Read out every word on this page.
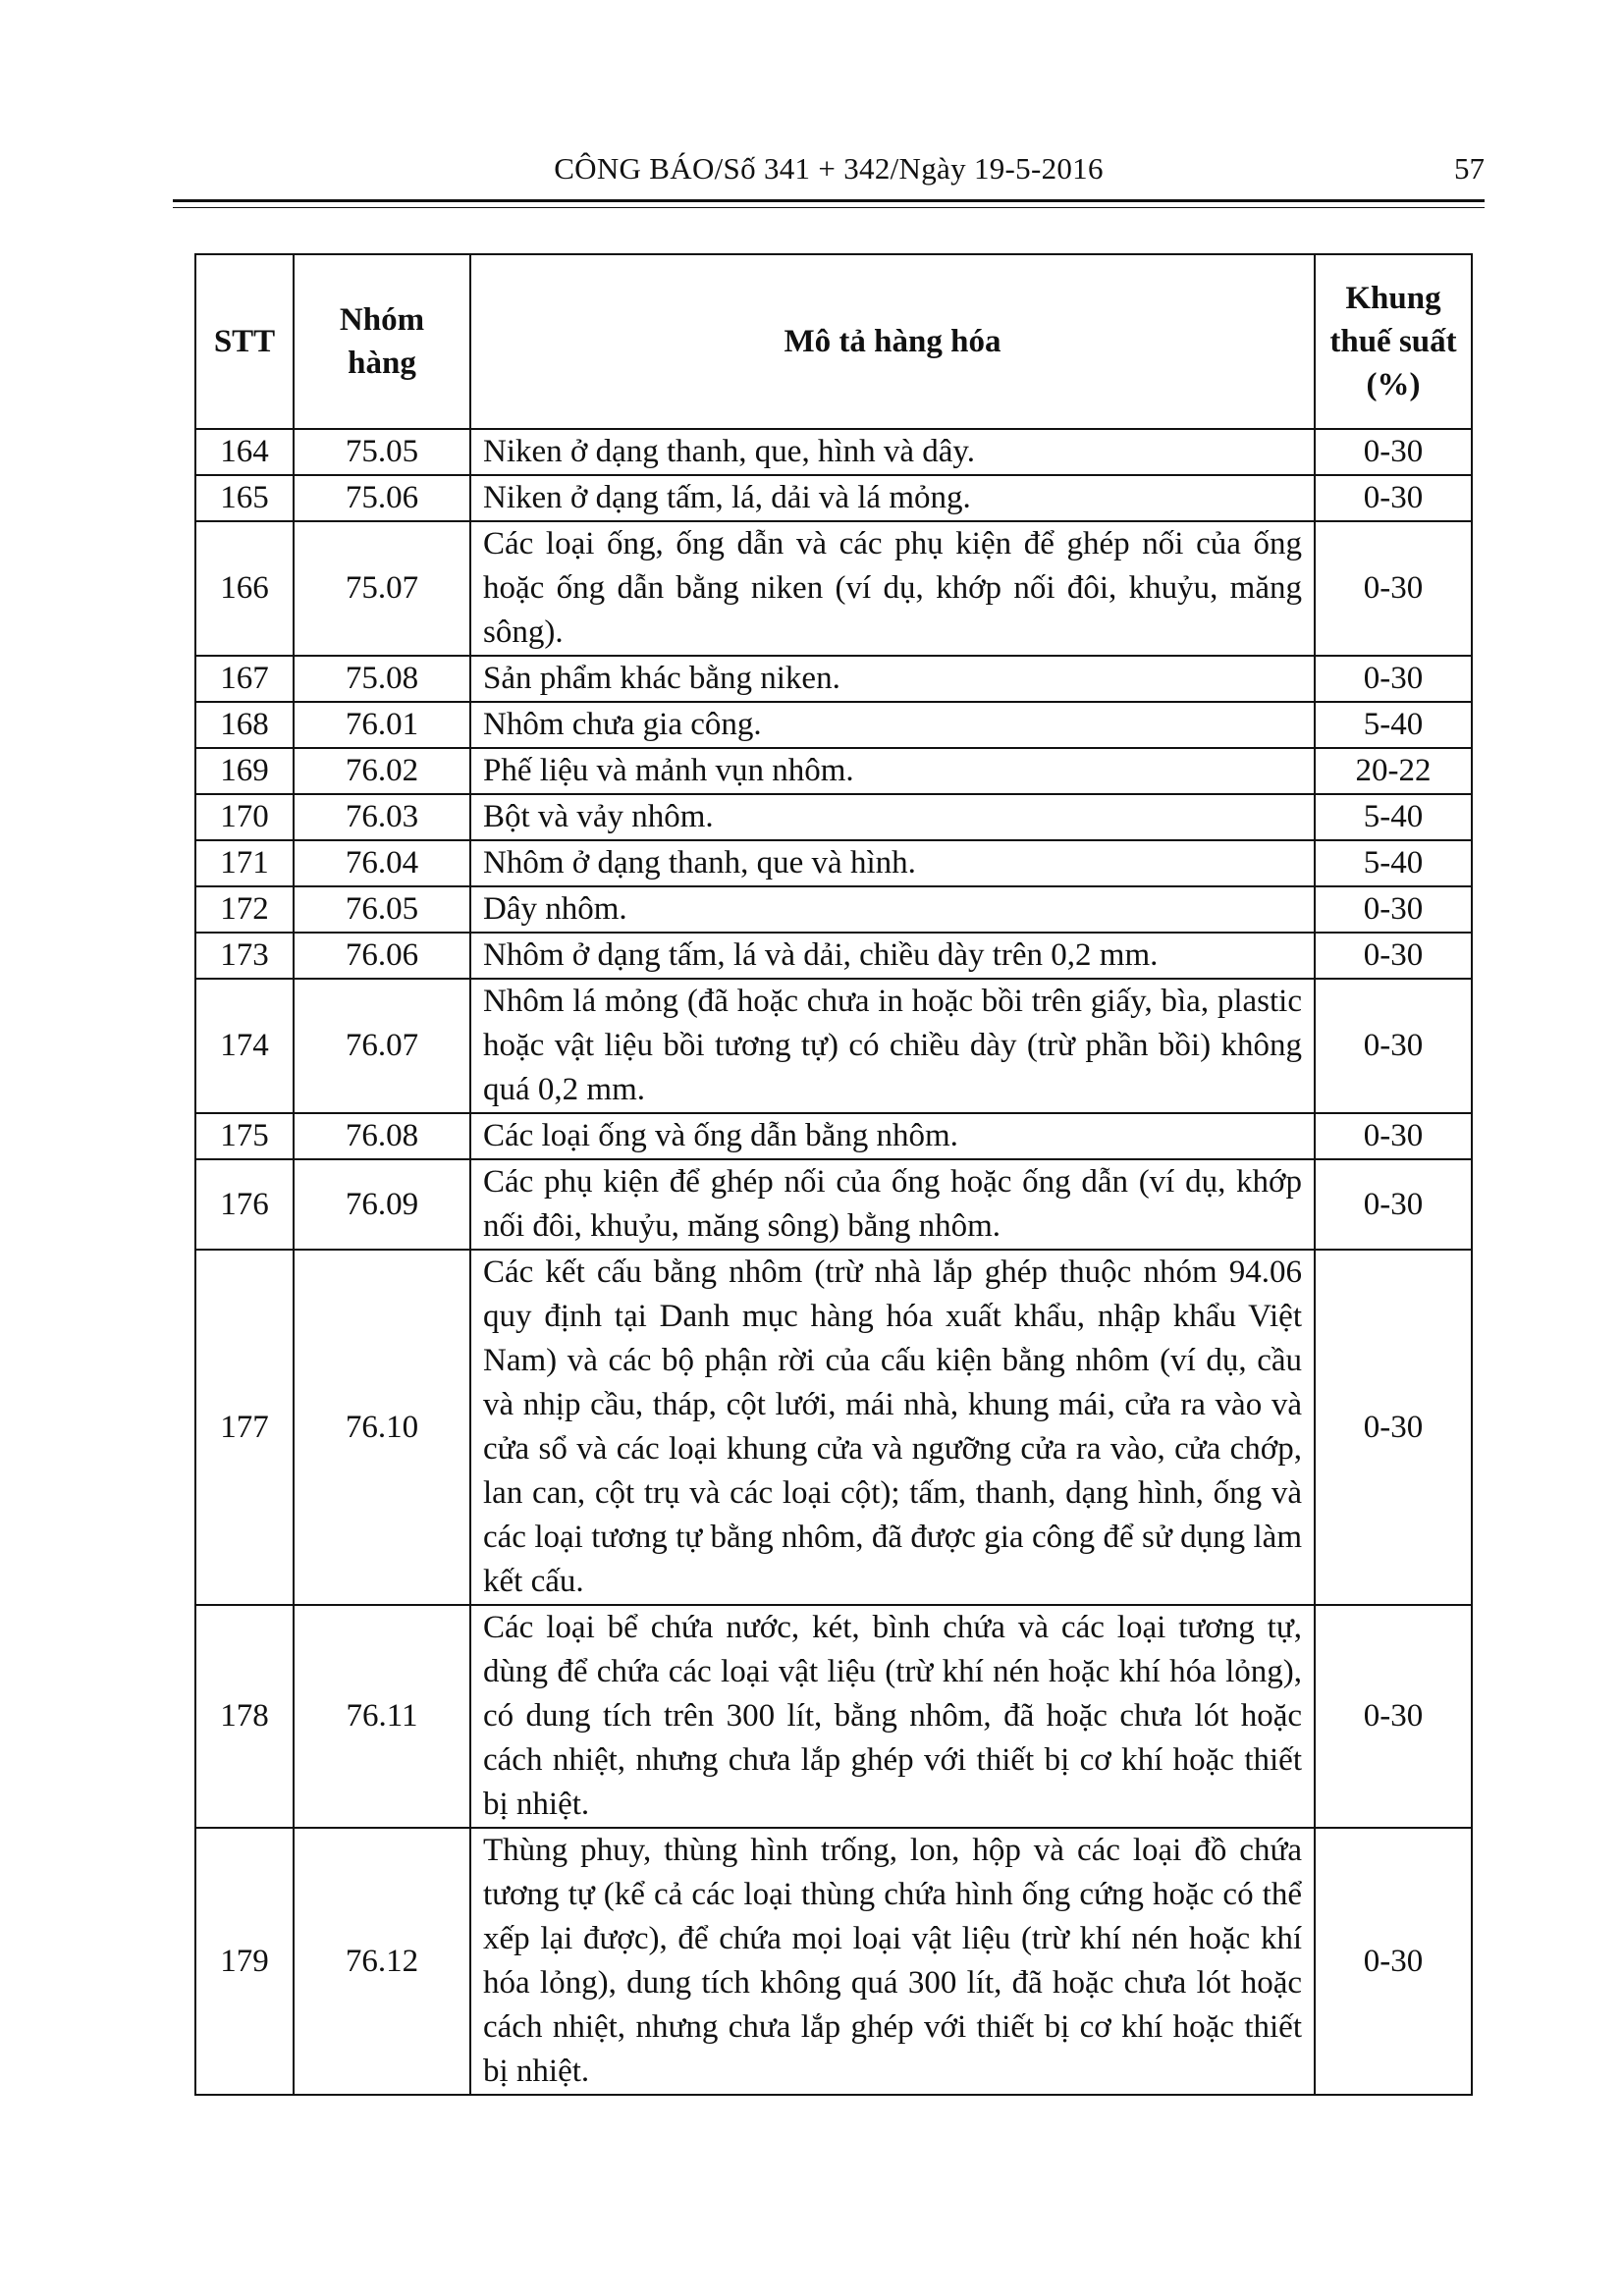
CÔNG BÁO/Số 341 + 342/Ngày 19-5-2016	57
STT	Nhóm hàng	Mô tả hàng hóa	Khung thuế suất (%)
164	75.05	Niken ở dạng thanh, que, hình và dây.	0-30
165	75.06	Niken ở dạng tấm, lá, dải và lá mỏng.	0-30
166	75.07	Các loại ống, ống dẫn và các phụ kiện để ghép nối của ống hoặc ống dẫn bằng niken (ví dụ, khớp nối đôi, khuỷu, măng sông).	0-30
167	75.08	Sản phẩm khác bằng niken.	0-30
168	76.01	Nhôm chưa gia công.	5-40
169	76.02	Phế liệu và mảnh vụn nhôm.	20-22
170	76.03	Bột và vảy nhôm.	5-40
171	76.04	Nhôm ở dạng thanh, que và hình.	5-40
172	76.05	Dây nhôm.	0-30
173	76.06	Nhôm ở dạng tấm, lá và dải, chiều dày trên 0,2 mm.	0-30
174	76.07	Nhôm lá mỏng (đã hoặc chưa in hoặc bồi trên giấy, bìa, plastic hoặc vật liệu bồi tương tự) có chiều dày (trừ phần bồi) không quá 0,2 mm.	0-30
175	76.08	Các loại ống và ống dẫn bằng nhôm.	0-30
176	76.09	Các phụ kiện để ghép nối của ống hoặc ống dẫn (ví dụ, khớp nối đôi, khuỷu, măng sông) bằng nhôm.	0-30
177	76.10	Các kết cấu bằng nhôm (trừ nhà lắp ghép thuộc nhóm 94.06 quy định tại Danh mục hàng hóa xuất khẩu, nhập khẩu Việt Nam) và các bộ phận rời của cấu kiện bằng nhôm (ví dụ, cầu và nhịp cầu, tháp, cột lưới, mái nhà, khung mái, cửa ra vào và cửa sổ và các loại khung cửa và ngưỡng cửa ra vào, cửa chớp, lan can, cột trụ và các loại cột); tấm, thanh, dạng hình, ống và các loại tương tự bằng nhôm, đã được gia công để sử dụng làm kết cấu.	0-30
178	76.11	Các loại bể chứa nước, két, bình chứa và các loại tương tự, dùng để chứa các loại vật liệu (trừ khí nén hoặc khí hóa lỏng), có dung tích trên 300 lít, bằng nhôm, đã hoặc chưa lót hoặc cách nhiệt, nhưng chưa lắp ghép với thiết bị cơ khí hoặc thiết bị nhiệt.	0-30
179	76.12	Thùng phuy, thùng hình trống, lon, hộp và các loại đồ chứa tương tự (kể cả các loại thùng chứa hình ống cứng hoặc có thể xếp lại được), để chứa mọi loại vật liệu (trừ khí nén hoặc khí hóa lỏng), dung tích không quá 300 lít, đã hoặc chưa lót hoặc cách nhiệt, nhưng chưa lắp ghép với thiết bị cơ khí hoặc thiết bị nhiệt.	0-30
